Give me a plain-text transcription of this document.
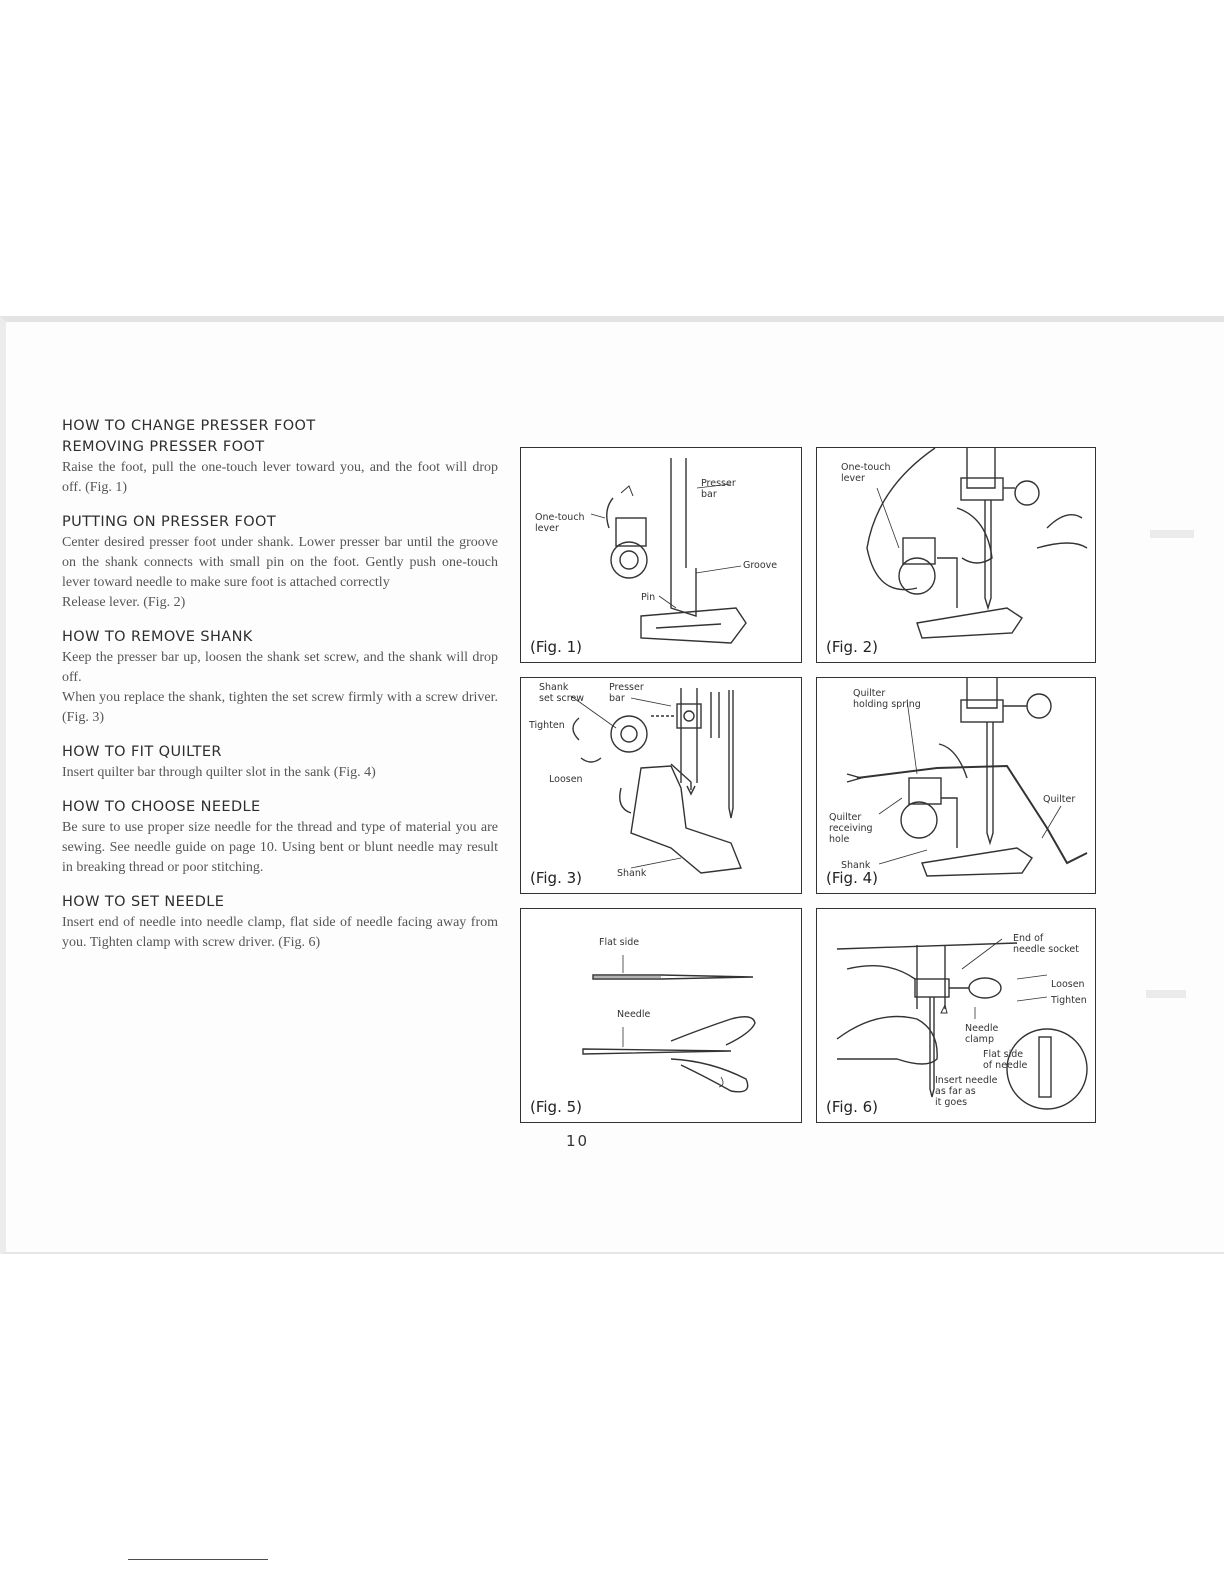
HOW TO CHANGE PRESSER FOOT

REMOVING PRESSER FOOT

Raise the foot, pull the one-touch lever toward you, and the foot will drop off. (Fig. 1)

PUTTING ON PRESSER FOOT

Center desired presser foot under shank. Lower presser bar until the groove on the shank connects with small pin on the foot. Gently push one-touch lever toward needle to make sure foot is attached correctly

Release lever. (Fig. 2)

HOW TO REMOVE SHANK

Keep the presser bar up, loosen the shank set screw, and the shank will drop off.

When you replace the shank, tighten the set screw firmly with a screw driver. (Fig. 3)

HOW TO FIT QUILTER

Insert quilter bar through quilter slot in the sank (Fig. 4)

HOW TO CHOOSE NEEDLE

Be sure to use proper size needle for the thread and type of material you are sewing. See needle guide on page 10. Using bent or blunt needle may result in breaking thread or poor stitching.

HOW TO SET NEEDLE

Insert end of needle into needle clamp, flat side of needle facing away from you. Tighten clamp with screw driver. (Fig. 6)

Presser
bar
One-touch
lever
Groove
Pin
(Fig. 1)
One-touch
lever
(Fig. 2)
Shank
set screw
Presser
bar
Tighten
Loosen
Shank
(Fig. 3)
Quilter
holding spring
Quilter
Quilter
receiving
hole
Shank
(Fig. 4)
Flat side
Needle
(Fig. 5)
End of
needle socket
Loosen
Tighten
Needle
clamp
Flat side
of needle
Insert needle
as far as
it goes
(Fig. 6)
10
